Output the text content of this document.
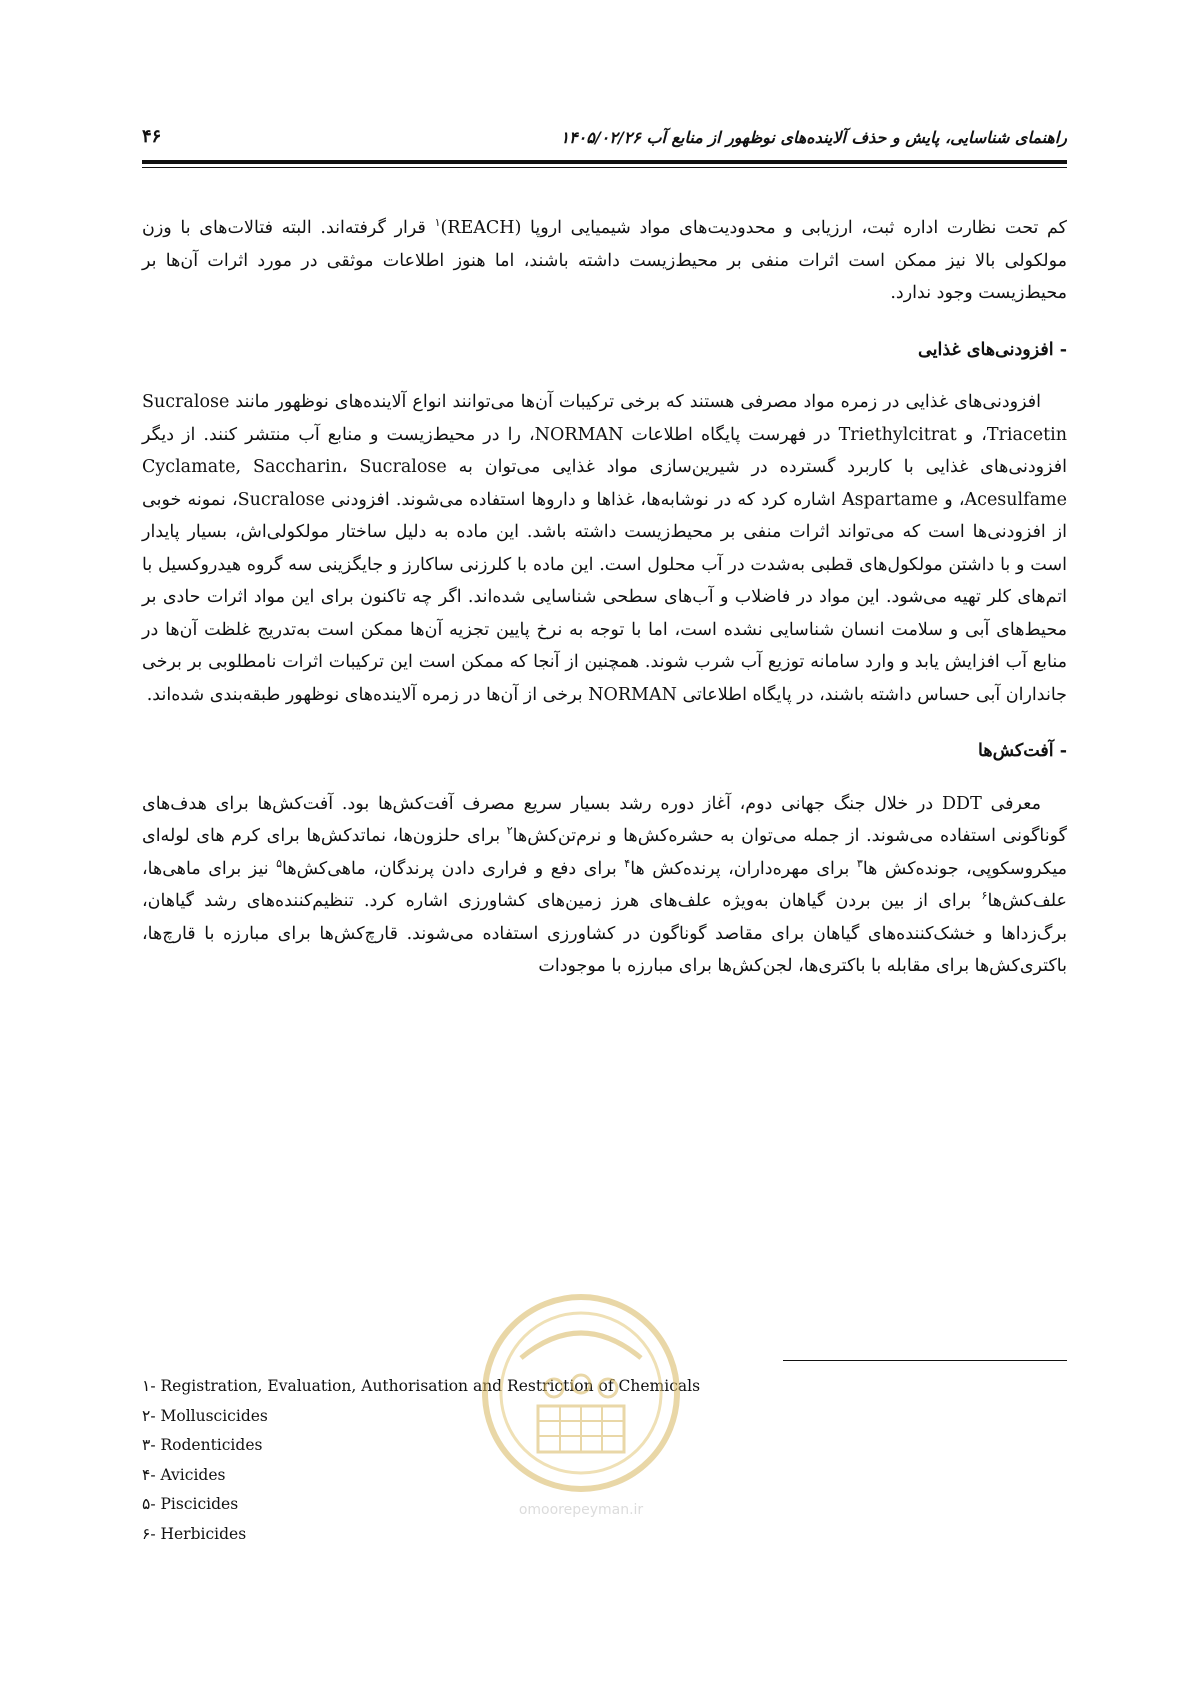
۴۶	راهنمای شناسایی، پایش و حذف آلاینده‌های نوظهور از منابع آب ۱۴۰۵/۰۲/۲۶

کم تحت نظارت اداره ثبت، ارزیابی و محدودیت‌های مواد شیمیایی اروپا (REACH)$^۱$ قرار گرفته‌اند. البته فتالات‌های با وزن مولکولی بالا نیز ممکن است اثرات منفی بر محیط‌زیست داشته باشند، اما هنوز اطلاعات موثقی در مورد اثرات آن‌ها بر محیط‌زیست وجود ندارد.

- افزودنی‌های غذایی

افزودنی‌های غذایی در زمره مواد مصرفی هستند که برخی ترکیبات آن‌ها می‌توانند انواع آلاینده‌های نوظهور مانند Sucralose ،Triacetin و Triethylcitrat در فهرست پایگاه اطلاعات NORMAN، را در محیط‌زیست و منابع آب منتشر کنند. از دیگر افزودنی‌های غذایی با کاربرد گسترده در شیرین‌سازی مواد غذایی می‌توان به Cyclamate, Saccharin، Sucralose ،Acesulfame و Aspartame اشاره کرد که در نوشابه‌ها، غذاها و داروها استفاده می‌شوند. افزودنی Sucralose، نمونه خوبی از افزودنی‌ها است که می‌تواند اثرات منفی بر محیط‌زیست داشته باشد. این ماده به دلیل ساختار مولکولی‌اش، بسیار پایدار است و با داشتن مولکول‌های قطبی به‌شدت در آب محلول است. این ماده با کلرزنی ساکارز و جایگزینی سه گروه هیدروکسیل با اتم‌های کلر تهیه می‌شود. این مواد در فاضلاب و آب‌های سطحی شناسایی شده‌اند. اگر چه تاکنون برای این مواد اثرات حادی بر محیط‌های آبی و سلامت انسان شناسایی نشده است، اما با توجه به نرخ پایین تجزیه آن‌ها ممکن است به‌تدریج غلظت آن‌ها در منابع آب افزایش یابد و وارد سامانه توزیع آب شرب شوند. همچنین از آنجا که ممکن است این ترکیبات اثرات نامطلوبی بر برخی جانداران آبی حساس داشته باشند، در پایگاه اطلاعاتی NORMAN برخی از آن‌ها در زمره آلاینده‌های نوظهور طبقه‌بندی شده‌اند.

- آفت‌کش‌ها

معرفی DDT در خلال جنگ جهانی دوم، آغاز دوره رشد بسیار سریع مصرف آفت‌کش‌ها بود. آفت‌کش‌ها برای هدف‌های گوناگونی استفاده می‌شوند. از جمله می‌توان به حشره‌کش‌ها و نرم‌تن‌کش‌ها$^۲$ برای حلزون‌ها، نماتدکش‌ها برای کرم های لوله‌ای میکروسکوپی، جونده‌کش ها$^۳$ برای مهره‌داران، پرنده‌کش ها$^۴$ برای دفع و فراری دادن پرندگان، ماهی‌کش‌ها$^۵$ نیز برای ماهی‌ها، علف‌کش‌ها$^۶$ برای از بین بردن گیاهان به‌ویژه علف‌های هرز زمین‌های کشاورزی اشاره کرد. تنظیم‌کننده‌های رشد گیاهان، برگ‌زداها و خشک‌کننده‌های گیاهان برای مقاصد گوناگون در کشاورزی استفاده می‌شوند. قارچ‌کش‌ها برای مبارزه با قارچ‌ها، باکتری‌کش‌ها برای مقابله با باکتری‌ها، لجن‌کش‌ها برای مبارزه با موجودات

۱- Registration, Evaluation, Authorisation and Restriction of Chemicals
۲- Molluscicides
۳- Rodenticides
۴- Avicides
۵- Piscicides
۶- Herbicides
omoorepeyman.ir
